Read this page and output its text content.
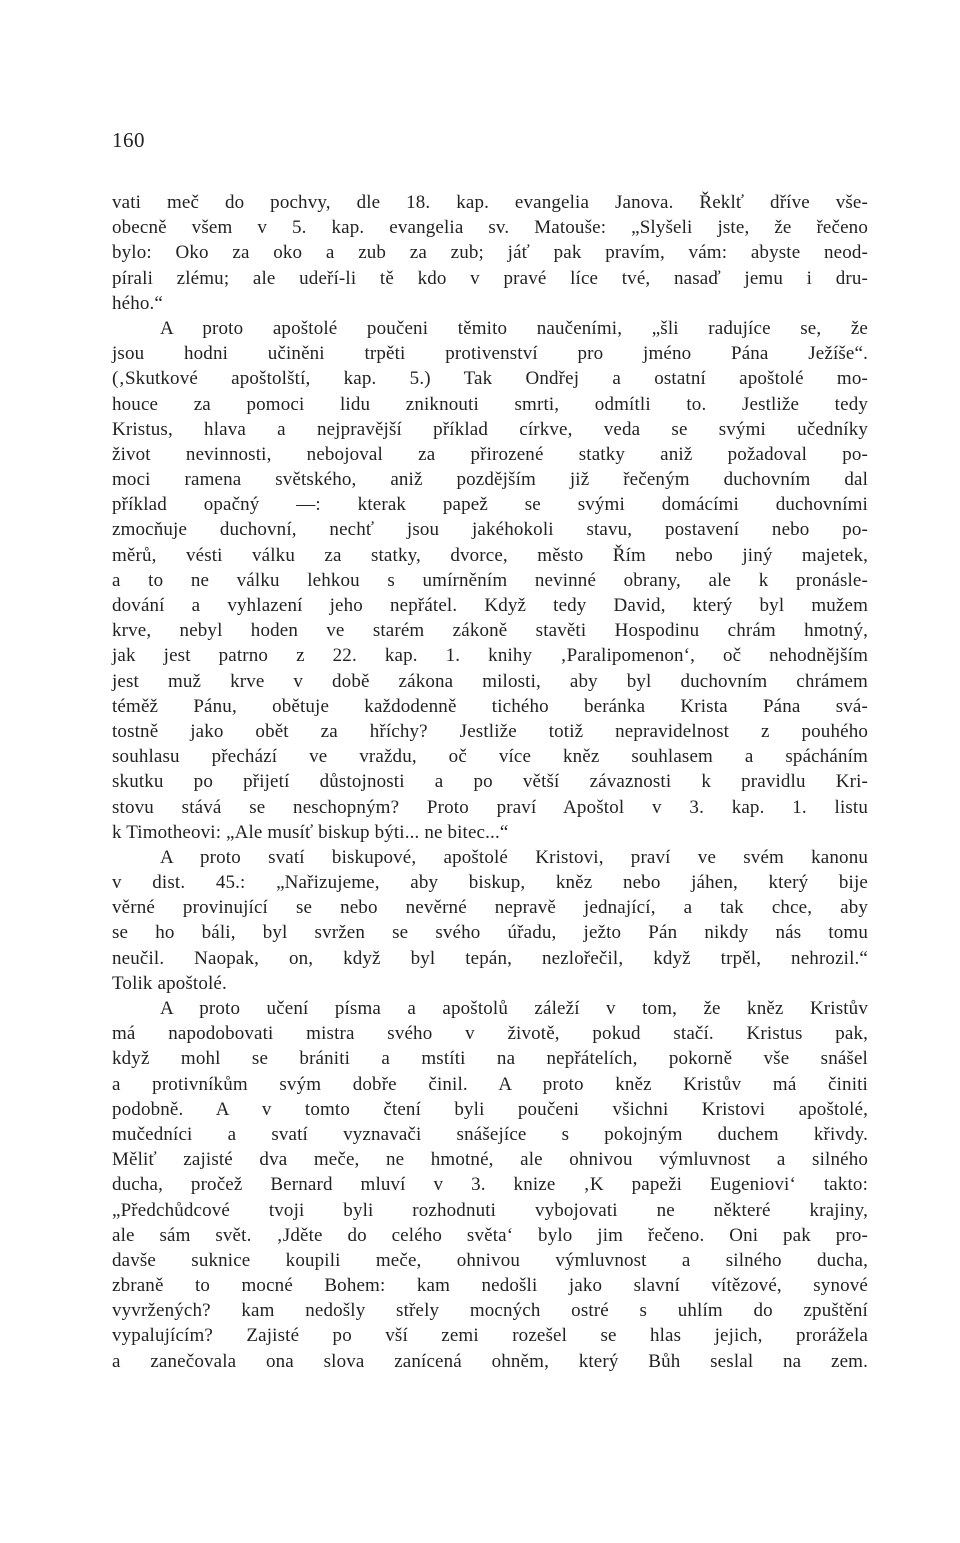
160
vati meč do pochvy, dle 18. kap. evangelia Janova. Řeklť dříve vše-
obecně všem v 5. kap. evangelia sv. Matouše: „Slyšeli jste, že řečeno
bylo: Oko za oko a zub za zub; jáť pak pravím, vám: abyste neod-
pírali zlému; ale udeří-li tě kdo v pravé líce tvé, nasaď jemu i dru-
hého.“
A proto apoštolé poučeni těmito naučeními, „šli radujíce se, že
jsou hodni učiněni trpěti protivenství pro jméno Pána Ježíše“.
(‚Skutkové apoštolští, kap. 5.) Tak Ondřej a ostatní apoštolé mo-
houce za pomoci lidu zniknouti smrti, odmítli to. Jestliže tedy
Kristus, hlava a nejpravější příklad církve, veda se svými učedníky
život nevinnosti, nebojoval za přirozené statky aniž požadoval po-
moci ramena světského, aniž pozdějším již řečeným duchovním dal
příklad opačný —: kterak papež se svými domácími duchovními
zmocňuje duchovní, nechť jsou jakéhokoli stavu, postavení nebo po-
měrů, vésti válku za statky, dvorce, město Řím nebo jiný majetek,
a to ne válku lehkou s umírněním nevinné obrany, ale k pronásle-
dování a vyhlazení jeho nepřátel. Když tedy David, který byl mužem
krve, nebyl hoden ve starém zákoně stavěti Hospodinu chrám hmotný,
jak jest patrno z 22. kap. 1. knihy ‚Paralipomenon‘, oč nehodnějším
jest muž krve v době zákona milosti, aby byl duchovním chrámem
téměž Pánu, obětuje každodenně tichého beránka Krista Pána svá-
tostně jako obět za hříchy? Jestliže totiž nepravidelnost z pouhého
souhlasu přechází ve vraždu, oč více kněz souhlasem a spácháním
skutku po přijetí důstojnosti a po větší závaznosti k pravidlu Kri-
stovu stává se neschopným? Proto praví Apoštol v 3. kap. 1. listu
k Timotheovi: „Ale musíť biskup býti... ne bitec...“
A proto svatí biskupové, apoštolé Kristovi, praví ve svém kanonu
v dist. 45.: „Nařizujeme, aby biskup, kněz nebo jáhen, který bije
věrné provinující se nebo nevěrné nepravě jednající, a tak chce, aby
se ho báli, byl svržen se svého úřadu, ježto Pán nikdy nás tomu
neučil. Naopak, on, když byl tepán, nezlořečil, když trpěl, nehrozil.“
Tolik apoštolé.
A proto učení písma a apoštolů záleží v tom, že kněz Kristův
má napodobovati mistra svého v životě, pokud stačí. Kristus pak,
když mohl se brániti a mstíti na nepřátelích, pokorně vše snášel
a protivníkům svým dobře činil. A proto kněz Kristův má činiti
podobně. A v tomto čtení byli poučeni všichni Kristovi apoštolé,
mučedníci a svatí vyznavači snášejíce s pokojným duchem křivdy.
Měliť zajisté dva meče, ne hmotné, ale ohnivou výmluvnost a silného
ducha, pročež Bernard mluví v 3. knize ‚K papeži Eugeniovi‘ takto:
„Předchůdcové tvoji byli rozhodnuti vybojovati ne některé krajiny,
ale sám svět. ‚Jděte do celého světa‘ bylo jim řečeno. Oni pak pro-
davše suknice koupili meče, ohnivou výmluvnost a silného ducha,
zbraně to mocné Bohem: kam nedošli jako slavní vítězové, synové
vyvržených? kam nedošly střely mocných ostré s uhlím do zpuštění
vypalujícím? Zajisté po vší zemi rozešel se hlas jejich, prorážela
a zanečovala ona slova zanícená ohněm, který Bůh seslal na zem.
